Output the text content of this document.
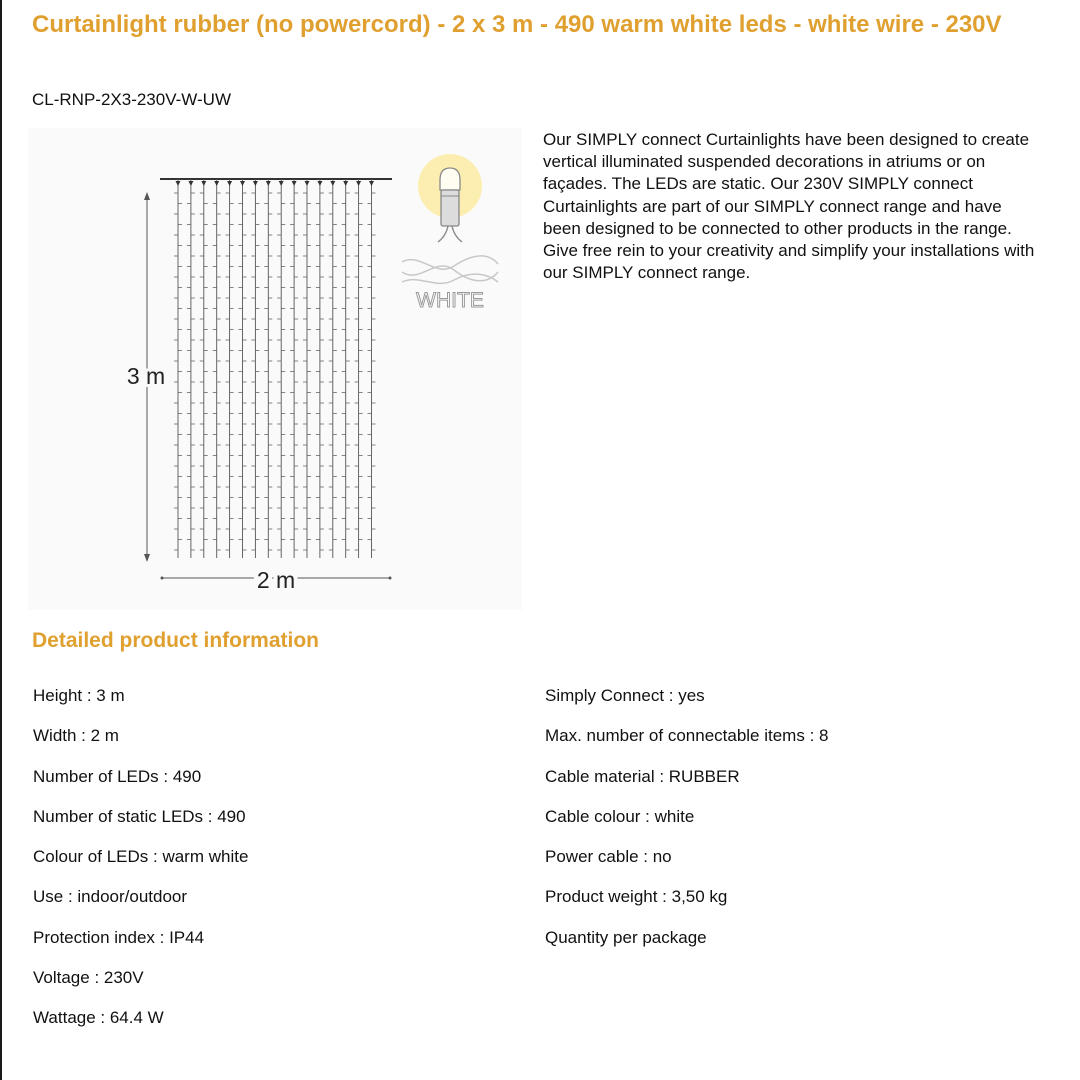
Curtainlight rubber (no powercord) - 2 x 3 m - 490 warm white leds - white wire - 230V

CL-RNP-2X3-230V-W-UW

3 m
2 m
WHITE

Our SIMPLY connect Curtainlights have been designed to create vertical illuminated suspended decorations in atriums or on façades. The LEDs are static. Our 230V SIMPLY connect Curtainlights are part of our SIMPLY connect range and have been designed to be connected to other products in the range. Give free rein to your creativity and simplify your installations with our SIMPLY connect range.

Detailed product information
Height : 3 m
Width : 2 m
Number of LEDs : 490
Number of static LEDs : 490
Colour of LEDs : warm white
Use : indoor/outdoor
Protection index : IP44
Voltage : 230V
Wattage : 64.4 W
Simply Connect : yes
Max. number of connectable items : 8
Cable material : RUBBER
Cable colour : white
Power cable : no
Product weight : 3,50 kg
Quantity per package
